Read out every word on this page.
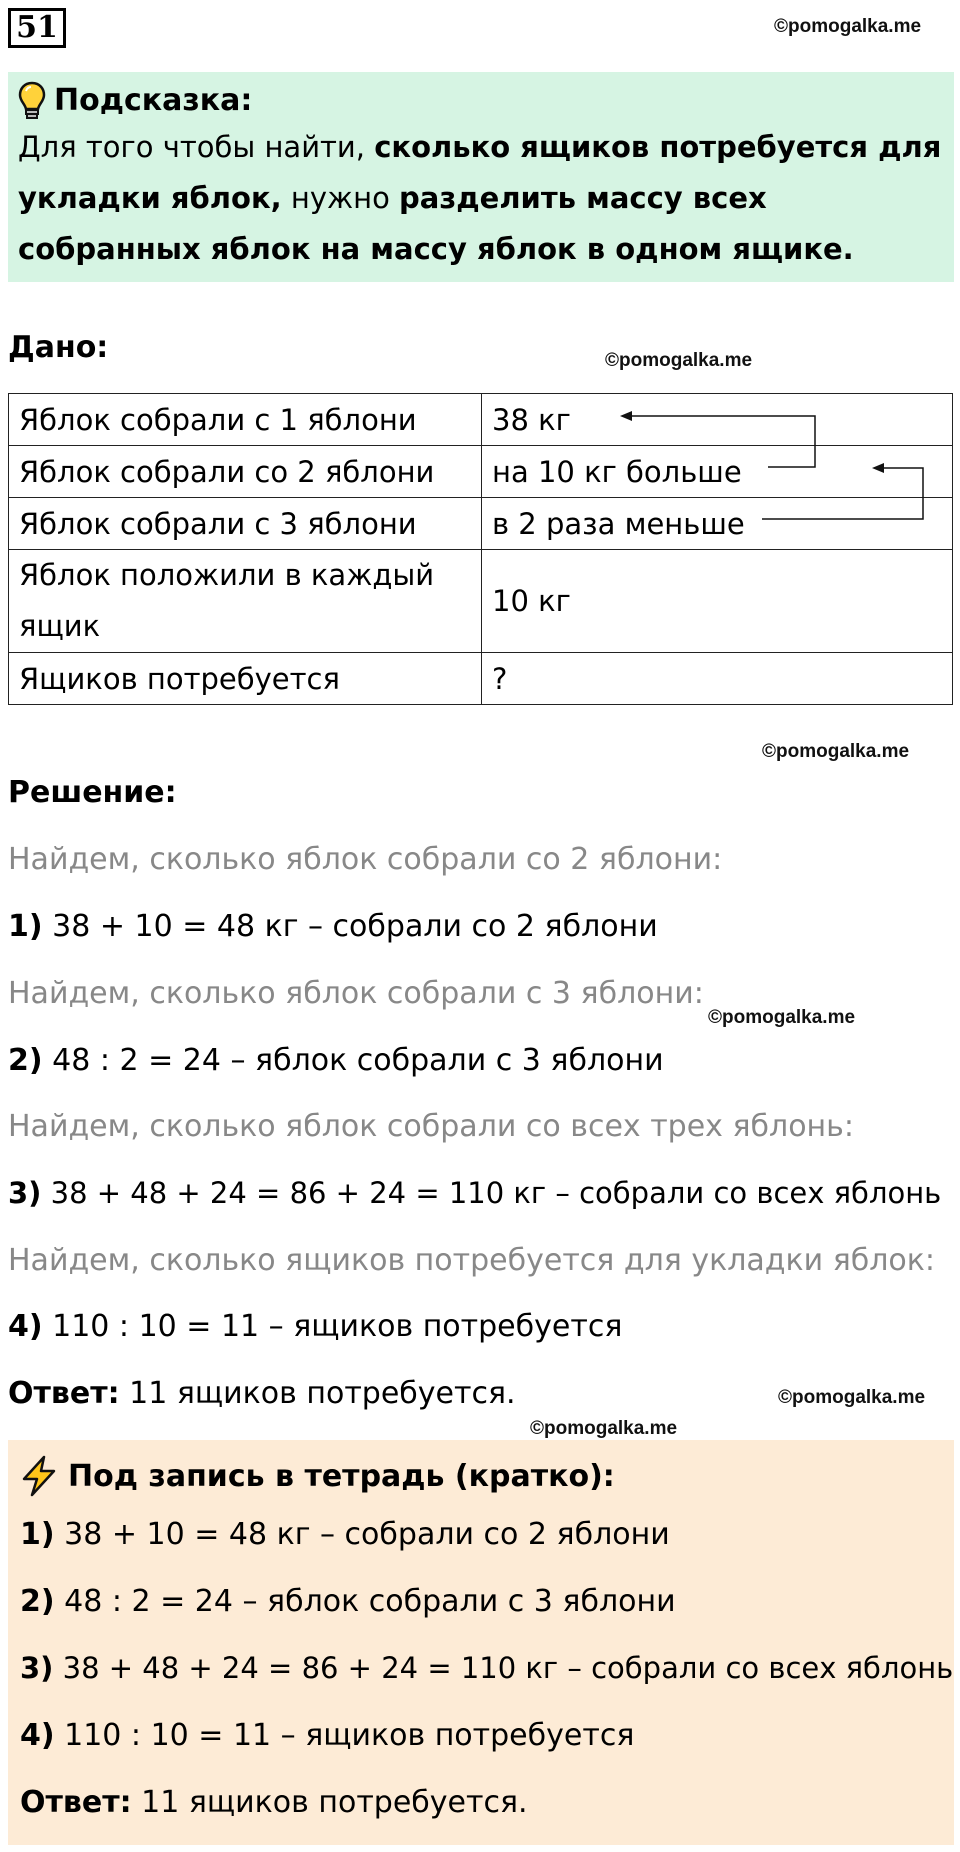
51	©pomogalka.me
Подсказка:
Для того чтобы найти, сколько ящиков потребуется для укладки яблок, нужно разделить массу всех собранных яблок на массу яблок в одном ящике.
Дано:	©pomogalka.me
Яблок собрали с 1 яблони	38 кг
Яблок собрали со 2 яблони	на 10 кг больше
Яблок собрали с 3 яблони	в 2 раза меньше
Яблок положили в каждый ящик	10 кг
Ящиков потребуется	?
©pomogalka.me
Решение:
Найдем, сколько яблок собрали со 2 яблони:
1) 38 + 10 = 48 кг – собрали со 2 яблони
Найдем, сколько яблок собрали с 3 яблони:
©pomogalka.me
2) 48 : 2 = 24 – яблок собрали с 3 яблони
Найдем, сколько яблок собрали со всех трех яблонь:
3) 38 + 48 + 24 = 86 + 24 = 110 кг – собрали со всех яблонь
Найдем, сколько ящиков потребуется для укладки яблок:
4) 110 : 10 = 11 – ящиков потребуется
Ответ: 11 ящиков потребуется.	©pomogalka.me
©pomogalka.me
Под запись в тетрадь (кратко):
1) 38 + 10 = 48 кг – собрали со 2 яблони
2) 48 : 2 = 24 – яблок собрали с 3 яблони
3) 38 + 48 + 24 = 86 + 24 = 110 кг – собрали со всех яблонь
4) 110 : 10 = 11 – ящиков потребуется
Ответ: 11 ящиков потребуется.
